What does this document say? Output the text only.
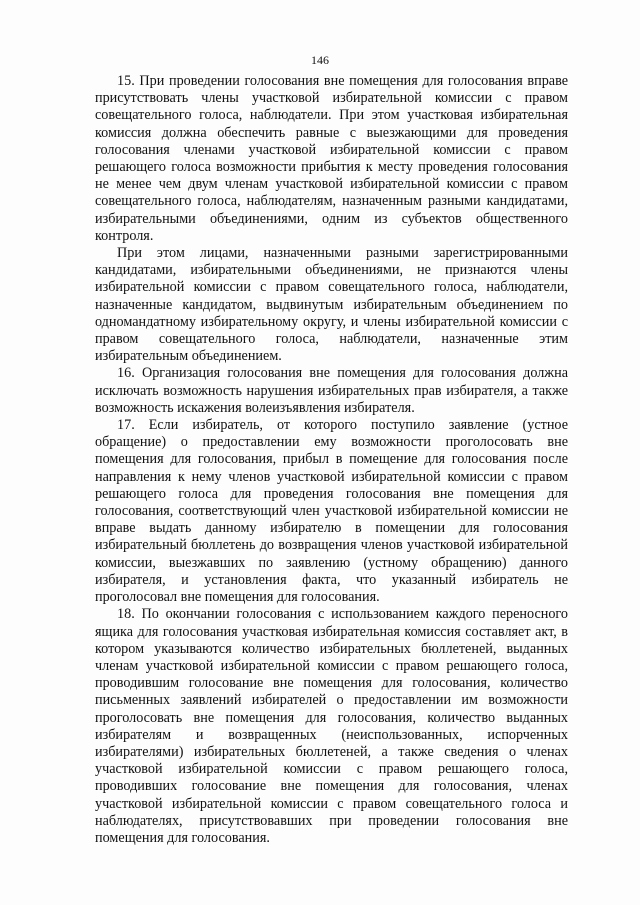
146

15. При проведении голосования вне помещения для голосования вправе присутствовать члены участковой избирательной комиссии с правом совещательного голоса, наблюдатели. При этом участковая избирательная комиссия должна обеспечить равные с выезжающими для проведения голосования членами участковой избирательной комиссии с правом решающего голоса возможности прибытия к месту проведения голосования не менее чем двум членам участковой избирательной комиссии с правом совещательного голоса, наблюдателям, назначенным разными кандидатами, избирательными объединениями, одним из субъектов общественного контроля.

При этом лицами, назначенными разными зарегистрированными кандидатами, избирательными объединениями, не признаются члены избирательной комиссии с правом совещательного голоса, наблюдатели, назначенные кандидатом, выдвинутым избирательным объединением по одномандатному избирательному округу, и члены избирательной комиссии с правом совещательного голоса, наблюдатели, назначенные этим избирательным объединением.

16. Организация голосования вне помещения для голосования должна исключать возможность нарушения избирательных прав избирателя, а также возможность искажения волеизъявления избирателя.

17. Если избиратель, от которого поступило заявление (устное обращение) о предоставлении ему возможности проголосовать вне помещения для голосования, прибыл в помещение для голосования после направления к нему членов участковой избирательной комиссии с правом решающего голоса для проведения голосования вне помещения для голосования, соответствующий член участковой избирательной комиссии не вправе выдать данному избирателю в помещении для голосования избирательный бюллетень до возвращения членов участковой избирательной комиссии, выезжавших по заявлению (устному обращению) данного избирателя, и установления факта, что указанный избиратель не проголосовал вне помещения для голосования.

18. По окончании голосования с использованием каждого переносного ящика для голосования участковая избирательная комиссия составляет акт, в котором указываются количество избирательных бюллетеней, выданных членам участковой избирательной комиссии с правом решающего голоса, проводившим голосование вне помещения для голосования, количество письменных заявлений избирателей о предоставлении им возможности проголосовать вне помещения для голосования, количество выданных избирателям и возвращенных (неиспользованных, испорченных избирателями) избирательных бюллетеней, а также сведения о членах участковой избирательной комиссии с правом решающего голоса, проводивших голосование вне помещения для голосования, членах участковой избирательной комиссии с правом совещательного голоса и наблюдателях, присутствовавших при проведении голосования вне помещения для голосования.
